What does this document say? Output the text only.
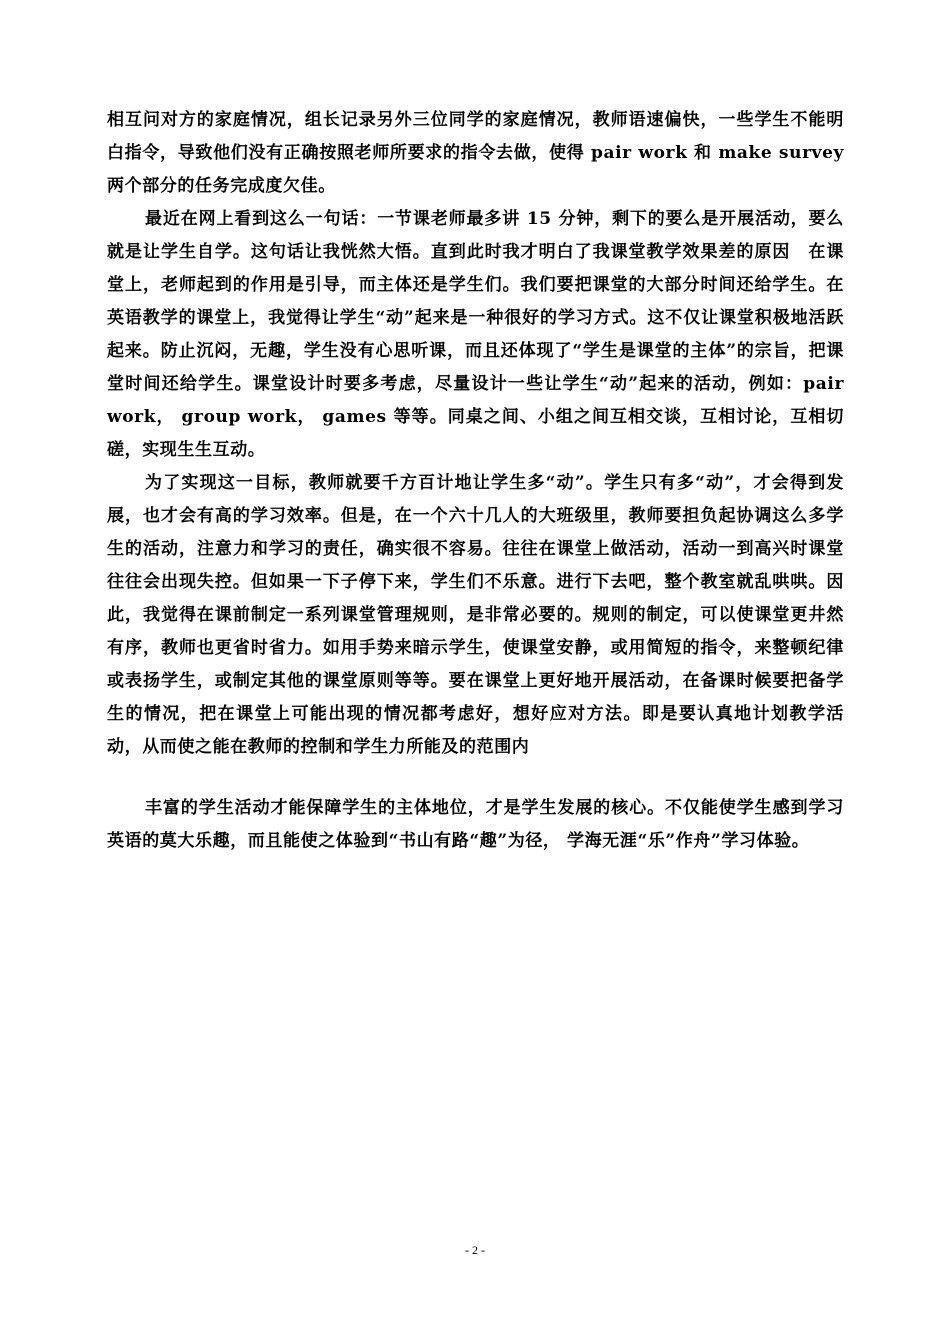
相互问对方的家庭情况，组长记录另外三位同学的家庭情况，教师语速偏快，一些学生不能明白指令，导致他们没有正确按照老师所要求的指令去做，使得 pair work 和 make survey 两个部分的任务完成度欠佳。

最近在网上看到这么一句话：一节课老师最多讲 15 分钟，剩下的要么是开展活动，要么就是让学生自学。这句话让我恍然大悟。直到此时我才明白了我课堂教学效果差的原因　在课堂上，老师起到的作用是引导，而主体还是学生们。我们要把课堂的大部分时间还给学生。在英语教学的课堂上，我觉得让学生“动”起来是一种很好的学习方式。这不仅让课堂积极地活跃起来。防止沉闷，无趣，学生没有心思听课，而且还体现了“学生是课堂的主体”的宗旨，把课堂时间还给学生。课堂设计时要多考虑，尽量设计一些让学生“动”起来的活动，例如：pair work， group work， games 等等。同桌之间、小组之间互相交谈，互相讨论，互相切磋，实现生生互动。

为了实现这一目标，教师就要千方百计地让学生多“动”。学生只有多“动”，才会得到发展，也才会有高的学习效率。但是，在一个六十几人的大班级里，教师要担负起协调这么多学生的活动，注意力和学习的责任，确实很不容易。往往在课堂上做活动，活动一到高兴时课堂往往会出现失控。但如果一下子停下来，学生们不乐意。进行下去吧，整个教室就乱哄哄。因此，我觉得在课前制定一系列课堂管理规则，是非常必要的。规则的制定，可以使课堂更井然有序，教师也更省时省力。如用手势来暗示学生，使课堂安静，或用简短的指令，来整顿纪律或表扬学生，或制定其他的课堂原则等等。要在课堂上更好地开展活动，在备课时候要把备学生的情况，把在课堂上可能出现的情况都考虑好，想好应对方法。即是要认真地计划教学活动，从而使之能在教师的控制和学生力所能及的范围内

丰富的学生活动才能保障学生的主体地位，才是学生发展的核心。不仅能使学生感到学习英语的莫大乐趣，而且能使之体验到“书山有路“趣”为径， 学海无涯“乐”作舟”学习体验。

- 2 -
